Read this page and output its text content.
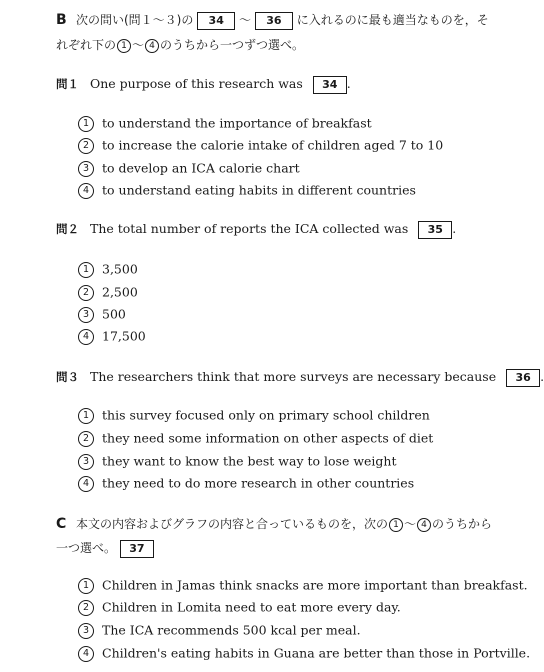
B 次の問い(問１～３)の 34 ～ 36 に入れるのに最も適当なものを，そ
れぞれ下の 1 ～ 4 のうちから一つずつ選べ。
問１ One purpose of this research was 34 .
1 to understand the importance of breakfast
2 to increase the calorie intake of children aged 7 to 10
3 to develop an ICA calorie chart
4 to understand eating habits in different countries
問２ The total number of reports the ICA collected was 35 .
1 3,500
2 2,500
3 500
4 17,500
問３ The researchers think that more surveys are necessary because 36 .
1 this survey focused only on primary school children
2 they need some information on other aspects of diet
3 they want to know the best way to lose weight
4 they need to do more research in other countries
C 本文の内容およびグラフの内容と合っているものを，次の 1 ～ 4 のうちから
一つ選べ。 37
1 Children in Jamas think snacks are more important than breakfast.
2 Children in Lomita need to eat more every day.
3 The ICA recommends 500 kcal per meal.
4 Children's eating habits in Guana are better than those in Portville.
